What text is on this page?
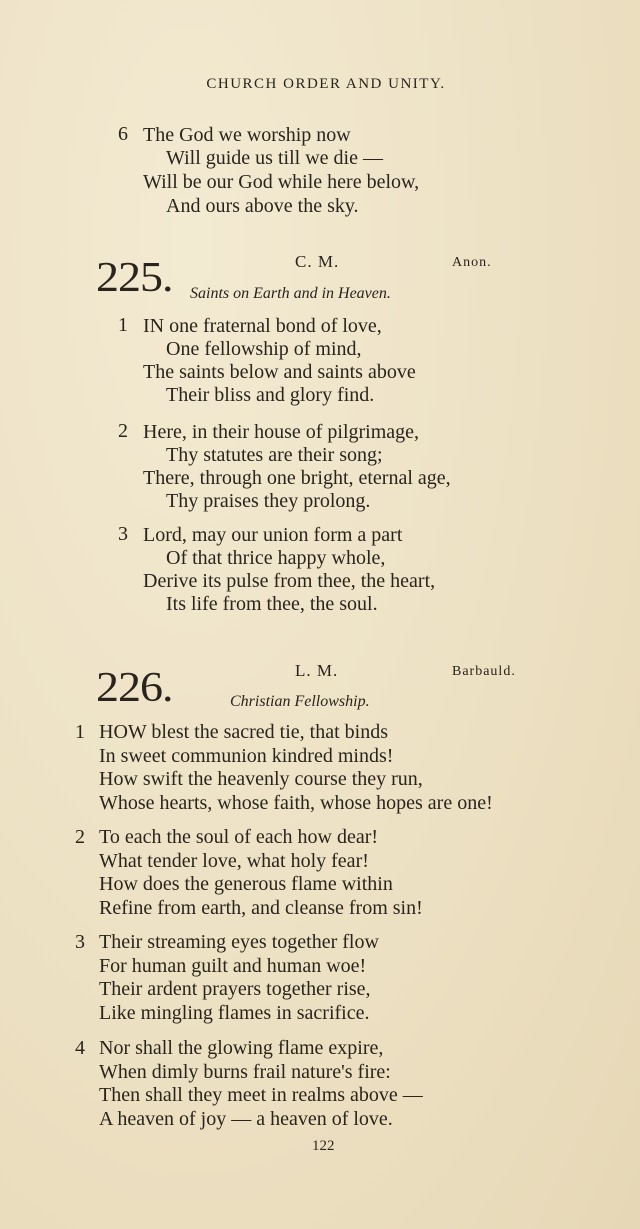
CHURCH ORDER AND UNITY.
6 The God we worship now
Will guide us till we die —
Will be our God while here below,
And ours above the sky.
225.	C. M.	Anon.
Saints on Earth and in Heaven.
1 IN one fraternal bond of love,
One fellowship of mind,
The saints below and saints above
Their bliss and glory find.
2 Here, in their house of pilgrimage,
Thy statutes are their song;
There, through one bright, eternal age,
Thy praises they prolong.
3 Lord, may our union form a part
Of that thrice happy whole,
Derive its pulse from thee, the heart,
Its life from thee, the soul.
226.	L. M.	Barbauld.
Christian Fellowship.
1 HOW blest the sacred tie, that binds
In sweet communion kindred minds!
How swift the heavenly course they run,
Whose hearts, whose faith, whose hopes are one!
2 To each the soul of each how dear!
What tender love, what holy fear!
How does the generous flame within
Refine from earth, and cleanse from sin!
3 Their streaming eyes together flow
For human guilt and human woe!
Their ardent prayers together rise,
Like mingling flames in sacrifice.
4 Nor shall the glowing flame expire,
When dimly burns frail nature's fire:
Then shall they meet in realms above —
A heaven of joy — a heaven of love.
122
